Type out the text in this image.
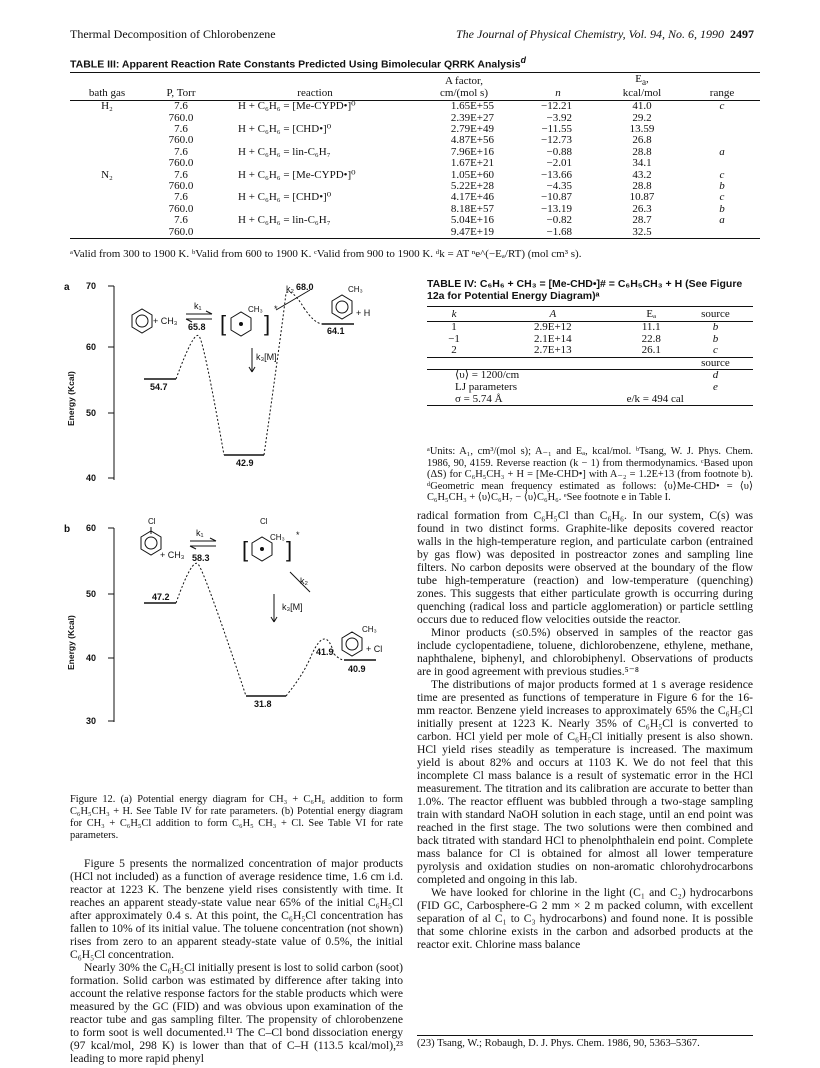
Thermal Decomposition of Chlorobenzene	The Journal of Physical Chemistry, Vol. 94, No. 6, 1990 2497
TABLE III: Apparent Reaction Rate Constants Predicted Using Bimolecular QRRK Analysis$^d$
			A factor,		$E_a$,	
bath gas	P, Torr	reaction	cm/(mol s)	n	kcal/mol	range
H₂	7.6	H + C₆H₆ = [Me-CYPD•]⁰	1.65E+55	−12.21	41.0	c
	760.0		2.39E+27	−3.92	29.2	
	7.6	H + C₆H₆ = [CHD•]⁰	2.79E+49	−11.55	13.59	
	760.0		4.87E+56	−12.73	26.8	
	7.6	H + C₆H₆ = lin-C₆H₇	7.96E+16	−0.88	28.8	a
	760.0		1.67E+21	−2.01	34.1	
N₂	7.6	H + C₆H₆ = [Me-CYPD•]⁰	1.05E+60	−13.66	43.2	c
	760.0		5.22E+28	−4.35	28.8	b
	7.6	H + C₆H₆ = [CHD•]⁰	4.17E+46	−10.87	10.87	c
	760.0		8.18E+57	−13.19	26.3	b
	7.6	H + C₆H₆ = lin-C₆H₇	5.04E+16	−0.82	28.7	a
	760.0		9.47E+19	−1.68	32.5	
ᵃValid from 300 to 1900 K. ᵇValid from 600 to 1900 K. ᶜValid from 900 to 1900 K. ᵈk = AT ⁿe^(−Eₐ/RT) (mol cm³ s).
a 70
60
50
40
Energy (Kcal)
+ CH₃
k₁
65.8 [
CH₃
]
*
k₂ 68.0	CH₃
+ H
k₃[M]
54.7
42.9
64.1
b 60
50
40
30
Energy (Kcal)
Cl
+ CH₃
k₁
58.3
Cl
[	CH₃ ]
*
k₂
k₃[M]
47.2
31.8
41.9
CH₃
+ Cl
40.9
Figure 12. (a) Potential energy diagram for CH₃ + C₆H₆ addition to form C₆H₅CH₃ + H. See Table IV for rate parameters. (b) Potential energy diagram for CH₃ + C₆H₅Cl addition to form C₆H₅ CH₃ + Cl. See Table VI for rate parameters.

Figure 5 presents the normalized concentration of major products (HCl not included) as a function of average residence time, 1.6 cm i.d. reactor at 1223 K. The benzene yield rises consistently with time. It reaches an apparent steady-state value near 65% of the initial C₆H₅Cl after approximately 0.4 s. At this point, the C₆H₅Cl concentration has fallen to 10% of its initial value. The toluene concentration (not shown) rises from zero to an apparent steady-state value of 0.5%, the initial C₆H₅Cl concentration.

Nearly 30% the C₆H₅Cl initially present is lost to solid carbon (soot) formation. Solid carbon was estimated by difference after taking into account the relative response factors for the stable products which were measured by the GC (FID) and was obvious upon examination of the reactor tube and gas sampling filter. The propensity of chlorobenzene to form soot is well documented.¹¹ The C–Cl bond dissociation energy (97 kcal/mol, 298 K) is lower than that of C–H (113.5 kcal/mol),²³ leading to more rapid phenyl

TABLE IV: C₆H₆ + CH₃ = [Me-CHD•]# = C₆H₅CH₃ + H (See Figure 12a for Potential Energy Diagram)ᵃ
k	A	Eₐ	source
1	2.9E+12	11.1	b
−1	2.1E+14	22.8	b
2	2.7E+13	26.1	c
			source
⟨υ⟩ = 1200/cm			d
LJ parameters			e
σ = 5.74 Å		e/k = 494 cal	
ᵃUnits: A₁, cm³/(mol s); A₋₁ and Eₐ, kcal/mol. ᵇTsang, W. J. Phys. Chem. 1986, 90, 4159. Reverse reaction (k − 1) from thermodynamics. ᶜBased upon (ΔS) for C₆H₅CH₃ + H = [Me-CHD•] with A₋₂ = 1.2E+13 (from footnote b). ᵈGeometric mean frequency estimated as follows: ⟨υ⟩Me-CHD• = ⟨υ⟩C₆H₅CH₃ + ⟨υ⟩C₆H₇ − ⟨υ⟩C₆H₆. ᵉSee footnote e in Table I.

radical formation from C₆H₅Cl than C₆H₆. In our system, C(s) was found in two distinct forms. Graphite-like deposits covered reactor walls in the high-temperature region, and particulate carbon (entrained by gas flow) was deposited in postreactor zones and sampling line filters. No carbon deposits were observed at the boundary of the flow tube high-temperature (reaction) and low-temperature (quenching) zones. This suggests that either particulate growth is occurring during quenching (radical loss and particle agglomeration) or particle settling occurs due to reduced flow velocities outside the reactor.

Minor products (≤0.5%) observed in samples of the reactor gas include cyclopentadiene, toluene, dichlorobenzene, ethylene, methane, naphthalene, biphenyl, and chlorobiphenyl. Observations of products are in good agreement with previous studies.⁵⁻⁸

The distributions of major products formed at 1 s average residence time are presented as functions of temperature in Figure 6 for the 16-mm reactor. Benzene yield increases to approximately 65% the C₆H₅Cl initially present at 1223 K. Nearly 35% of C₆H₅Cl is converted to carbon. HCl yield per mole of C₆H₅Cl initially present is also shown. HCl yield rises steadily as temperature is increased. The maximum yield is about 82% and occurs at 1103 K. We do not feel that this incomplete Cl mass balance is a result of systematic error in the HCl measurement. The titration and its calibration are accurate to better than 1.0%. The reactor effluent was bubbled through a two-stage sampling train with standard NaOH solution in each stage, until an end point was reached in the first stage. The two solutions were then combined and back titrated with standard HCl to phenolphthalein end point. Complete mass balance for Cl is obtained for almost all lower temperature pyrolysis and oxidation studies on non-aromatic chlorohydrocarbons completed and ongoing in this lab.

We have looked for chlorine in the light (C₁ and C₂) hydrocarbons (FID GC, Carbosphere-G 2 mm × 2 m packed column, with excellent separation of al C₁ to C₃ hydrocarbons) and found none. It is possible that some chlorine exists in the carbon and adsorbed products at the reactor exit. Chlorine mass balance

(23) Tsang, W.; Robaugh, D. J. Phys. Chem. 1986, 90, 5363–5367.
